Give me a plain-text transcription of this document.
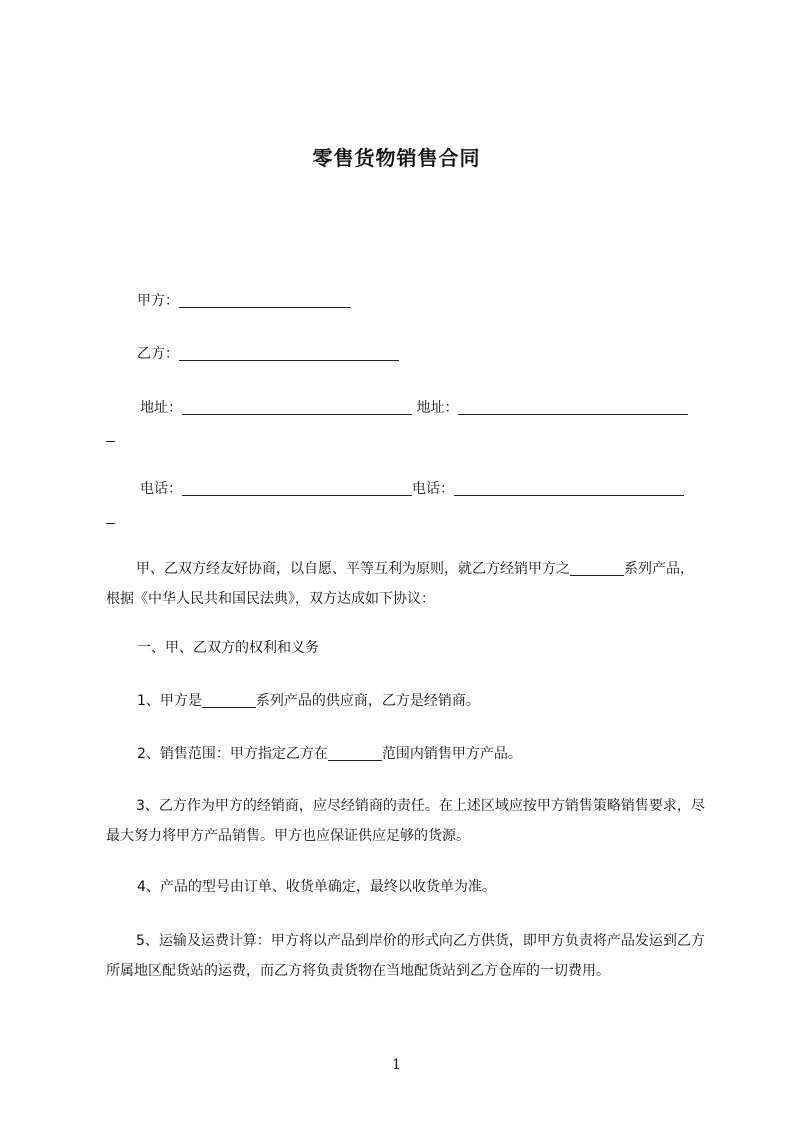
零售货物销售合同
甲方：
乙方：
地址：	地址：
电话：	电话：
甲、乙双方经友好协商，以自愿、平等互利为原则，就乙方经销甲方之	系列产品，根据《中华人民共和国民法典》，双方达成如下协议：
一、甲、乙双方的权利和义务
1、甲方是	系列产品的供应商，乙方是经销商。
2、销售范围：甲方指定乙方在	范围内销售甲方产品。
3、乙方作为甲方的经销商，应尽经销商的责任。在上述区域应按甲方销售策略销售要求，尽最大努力将甲方产品销售。甲方也应保证供应足够的货源。
4、产品的型号由订单、收货单确定，最终以收货单为准。
5、运输及运费计算：甲方将以产品到岸价的形式向乙方供货，即甲方负责将产品发运到乙方所属地区配货站的运费，而乙方将负责货物在当地配货站到乙方仓库的一切费用。
1
